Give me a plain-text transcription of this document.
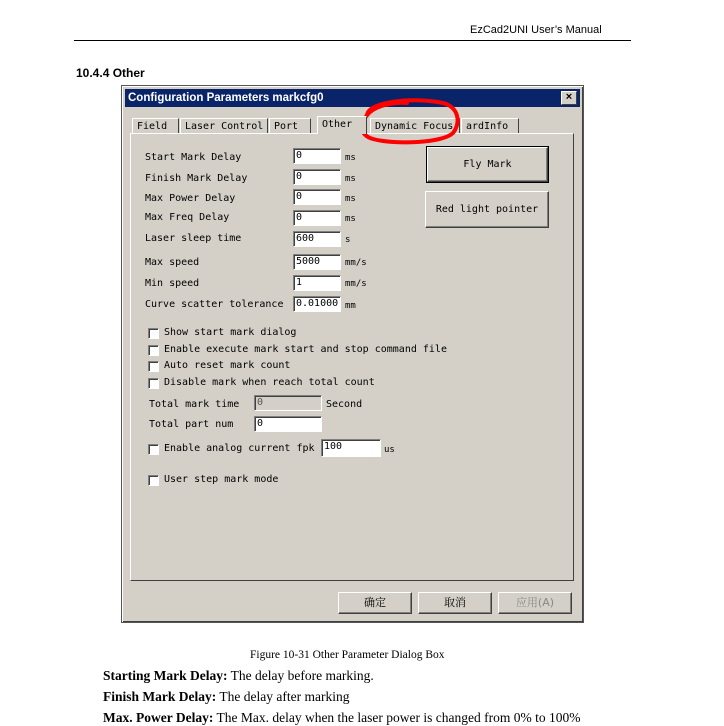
EzCad2UNI User’s Manual
10.4.4 Other
Configuration Parameters markcfg0	×
Field	Laser Control	Port	Other	Dynamic Focus	ardInfo
Start Mark Delay	0	ms
Finish Mark Delay	0	ms
Max Power Delay	0	ms
Max Freq Delay	0	ms
Laser sleep time	600	s
Max speed	5000	mm/s
Min speed	1	mm/s
Curve scatter tolerance	0.01000 mm
Fly Mark
Red light pointer
Show start mark dialog
Enable execute mark start and stop command file
Auto reset mark count
Disable mark when reach total count
Total mark time	0	Second
Total part num	0
Enable analog current fpk 100	us
User step mark mode
确定	取消	应用(A)
Figure 10-31 Other Parameter Dialog Box
Starting Mark Delay: The delay before marking.
Finish Mark Delay: The delay after marking
Max. Power Delay: The Max. delay when the laser power is changed from 0% to 100%
